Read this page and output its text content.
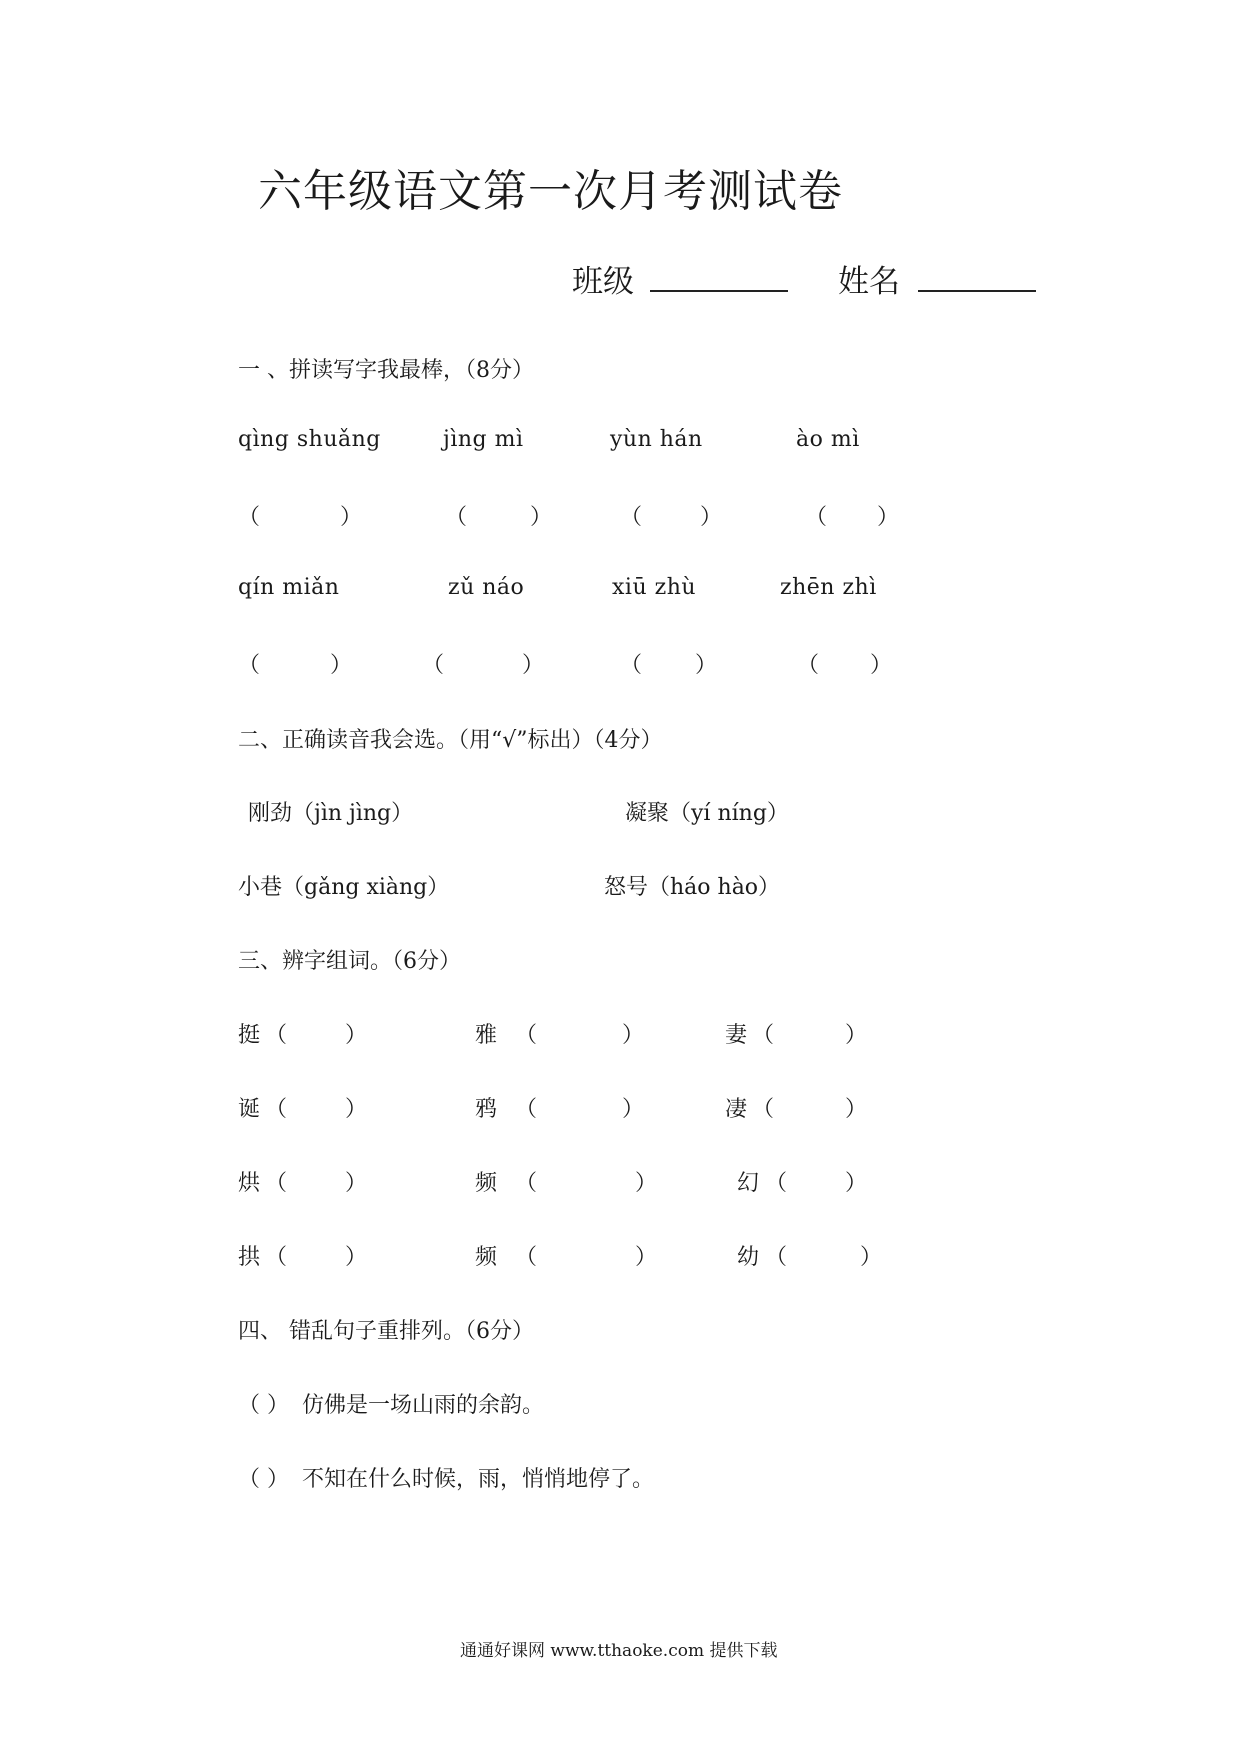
六年级语文第一次月考测试卷
班级	姓名
一 、拼读写字我最棒，（8分）
qìng shuǎng	jìng mì	yùn hán	ào mì
（	）	（	）	（	）	（ ）
qín miǎn	zǔ náo	xiū zhù	zhēn zhì
（	）	（	）	（ ）	（ ）
二、正确读音我会选。（用“√”标出）（4分）
刚劲（jìn jìng）	凝聚（yí níng）
小巷（gǎng xiàng）	怒号（háo hào）
三、辨字组词。（6分）
挺 （	）	雅 （	）	妻 （	）
诞 （	）	鸦 （	）	凄 （	）
烘 （	）	频 （	）	幻 （	）
拱 （	）	频 （	）	幼 （	）
四、 错乱句子重排列。（6分）
（ ） 仿佛是一场山雨的余韵。
（ ） 不知在什么时候，雨，悄悄地停了。
通通好课网 www.tthaoke.com 提供下载
